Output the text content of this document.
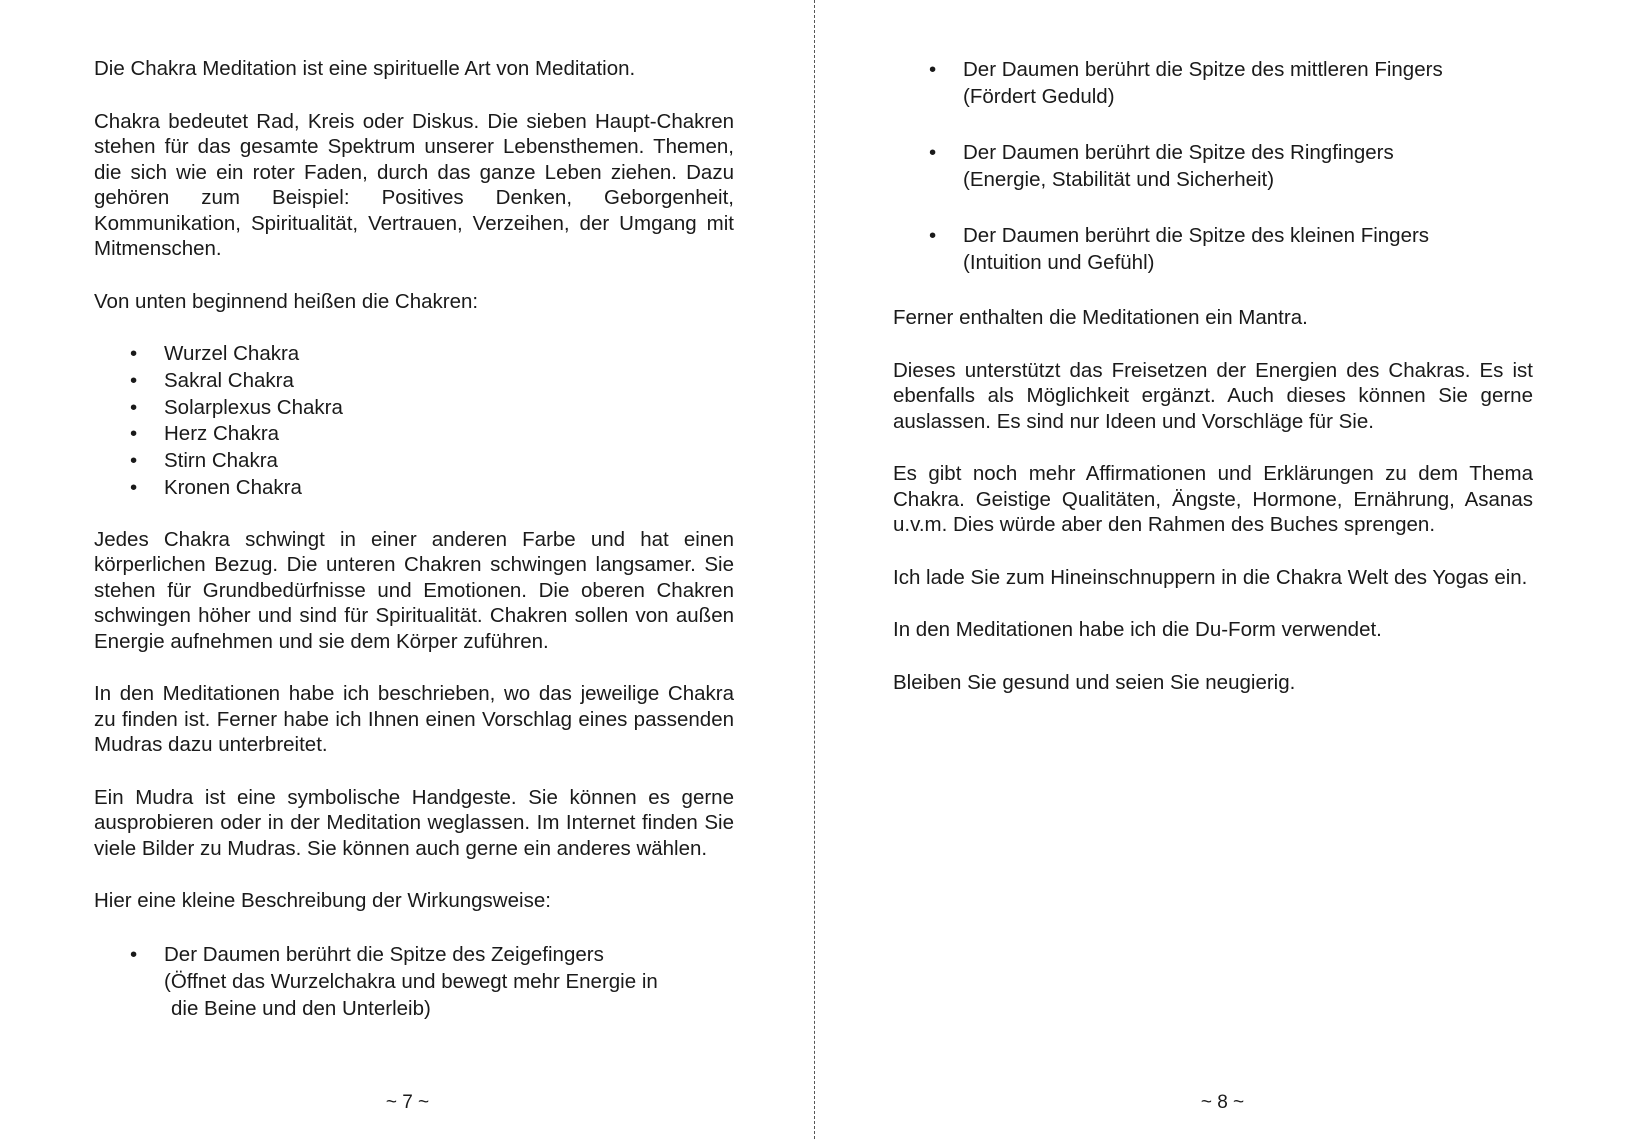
Die Chakra Meditation ist eine spirituelle Art von Meditation.

Chakra bedeutet Rad, Kreis oder Diskus. Die sieben Haupt-Chakren stehen für das gesamte Spektrum unserer Lebensthemen. Themen, die sich wie ein roter Faden, durch das ganze Leben ziehen. Dazu gehören zum Beispiel: Positives Denken, Geborgenheit, Kommunikation, Spiritualität, Vertrauen, Verzeihen, der Umgang mit Mitmenschen.

Von unten beginnend heißen die Chakren:

• Wurzel Chakra
• Sakral Chakra
• Solarplexus Chakra
• Herz Chakra
• Stirn Chakra
• Kronen Chakra

Jedes Chakra schwingt in einer anderen Farbe und hat einen körperlichen Bezug. Die unteren Chakren schwingen langsamer. Sie stehen für Grundbedürfnisse und Emotionen. Die oberen Chakren schwingen höher und sind für Spiritualität. Chakren sollen von außen Energie aufnehmen und sie dem Körper zuführen.

In den Meditationen habe ich beschrieben, wo das jeweilige Chakra zu finden ist. Ferner habe ich Ihnen einen Vorschlag eines passenden Mudras dazu unterbreitet.

Ein Mudra ist eine symbolische Handgeste. Sie können es gerne ausprobieren oder in der Meditation weglassen. Im Internet finden Sie viele Bilder zu Mudras. Sie können auch gerne ein anderes wählen.

Hier eine kleine Beschreibung der Wirkungsweise:

• Der Daumen berührt die Spitze des Zeigefingers
(Öffnet das Wurzelchakra und bewegt mehr Energie in
die Beine und den Unterleib)
~ 7 ~
• Der Daumen berührt die Spitze des mittleren Fingers
(Fördert Geduld)
• Der Daumen berührt die Spitze des Ringfingers
(Energie, Stabilität und Sicherheit)
• Der Daumen berührt die Spitze des kleinen Fingers
(Intuition und Gefühl)

Ferner enthalten die Meditationen ein Mantra.

Dieses unterstützt das Freisetzen der Energien des Chakras. Es ist ebenfalls als Möglichkeit ergänzt. Auch dieses können Sie gerne auslassen. Es sind nur Ideen und Vorschläge für Sie.

Es gibt noch mehr Affirmationen und Erklärungen zu dem Thema Chakra. Geistige Qualitäten, Ängste, Hormone, Ernährung, Asanas u.v.m. Dies würde aber den Rahmen des Buches sprengen.

Ich lade Sie zum Hineinschnuppern in die Chakra Welt des Yogas ein.

In den Meditationen habe ich die Du-Form verwendet.

Bleiben Sie gesund und seien Sie neugierig.

~ 8 ~
